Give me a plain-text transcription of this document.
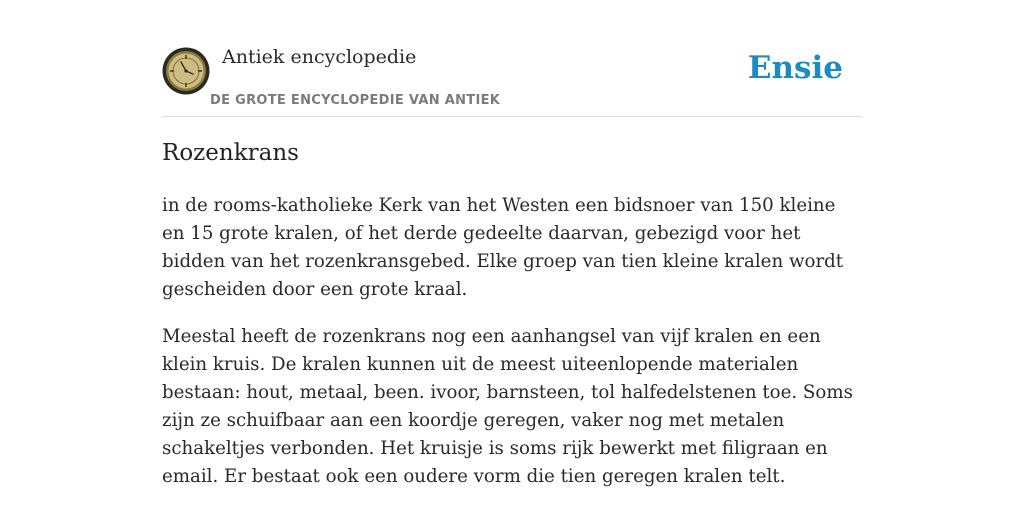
Antiek encyclopedie
DE GROTE ENCYCLOPEDIE VAN ANTIEK
Ensie
Rozenkrans

in de rooms-katholieke Kerk van het Westen een bidsnoer van 150 kleine en 15 grote kralen, of het derde gedeelte daarvan, gebezigd voor het bidden van het rozenkransgebed. Elke groep van tien kleine kralen wordt gescheiden door een grote kraal.

Meestal heeft de rozenkrans nog een aanhangsel van vijf kralen en een klein kruis. De kralen kunnen uit de meest uiteenlopende materialen bestaan: hout, metaal, been. ivoor, barnsteen, tol halfedelstenen toe. Soms zijn ze schuifbaar aan een koordje geregen, vaker nog met metalen schakeltjes verbonden. Het kruisje is soms rijk bewerkt met filigraan en email. Er bestaat ook een oudere vorm die tien geregen kralen telt.
